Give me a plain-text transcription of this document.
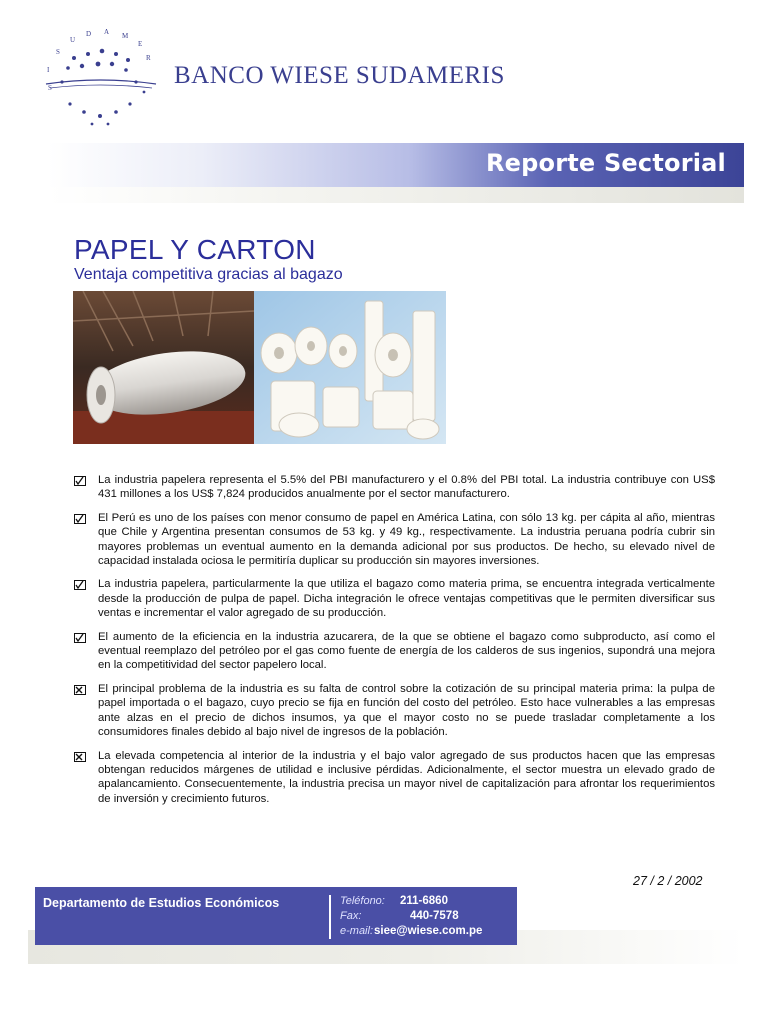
S
U
D A M
E
R
I
S	BANCO WIESE SUDAMERIS
Reporte Sectorial
PAPEL Y CARTON
Ventaja competitiva gracias al bagazo
La industria papelera representa el 5.5% del PBI manufacturero y el 0.8% del PBI total. La industria contribuye con US$ 431 millones a los US$ 7,824 producidos anualmente por el sector manufacturero.
El Perú es uno de los países con menor consumo de papel en América Latina, con sólo 13 kg. per cápita al año, mientras que Chile y Argentina presentan consumos de 53 kg. y 49 kg., respectivamente. La industria peruana podría cubrir sin mayores problemas un eventual aumento en la demanda adicional por sus productos. De hecho, su elevado nivel de capacidad instalada ociosa le permitiría duplicar su producción sin mayores inversiones.
La industria papelera, particularmente la que utiliza el bagazo como materia prima, se encuentra integrada verticalmente desde la producción de pulpa de papel. Dicha integración le ofrece ventajas competitivas que le permiten diversificar sus ventas e incrementar el valor agregado de su producción.
El aumento de la eficiencia en la industria azucarera, de la que se obtiene el bagazo como subproducto, así como el eventual reemplazo del petróleo por el gas como fuente de energía de los calderos de sus ingenios, supondrá una mejora en la competitividad del sector papelero local.
El principal problema de la industria es su falta de control sobre la cotización de su principal materia prima: la pulpa de papel importada o el bagazo, cuyo precio se fija en función del costo del petróleo. Esto hace vulnerables a las empresas ante alzas en el precio de dichos insumos, ya que el mayor costo no se puede trasladar completamente a los consumidores finales debido al bajo nivel de ingresos de la población.
La elevada competencia al interior de la industria y el bajo valor agregado de sus productos hacen que las empresas obtengan reducidos márgenes de utilidad e inclusive pérdidas. Adicionalmente, el sector muestra un elevado grado de apalancamiento. Consecuentemente, la industria precisa un mayor nivel de capitalización para afrontar los requerimientos de inversión y crecimiento futuros.
27 / 2 / 2002
Departamento de Estudios Económicos	Teléfono:	211-6860
Fax:	440-7578
e-mail: siee@wiese.com.pe
